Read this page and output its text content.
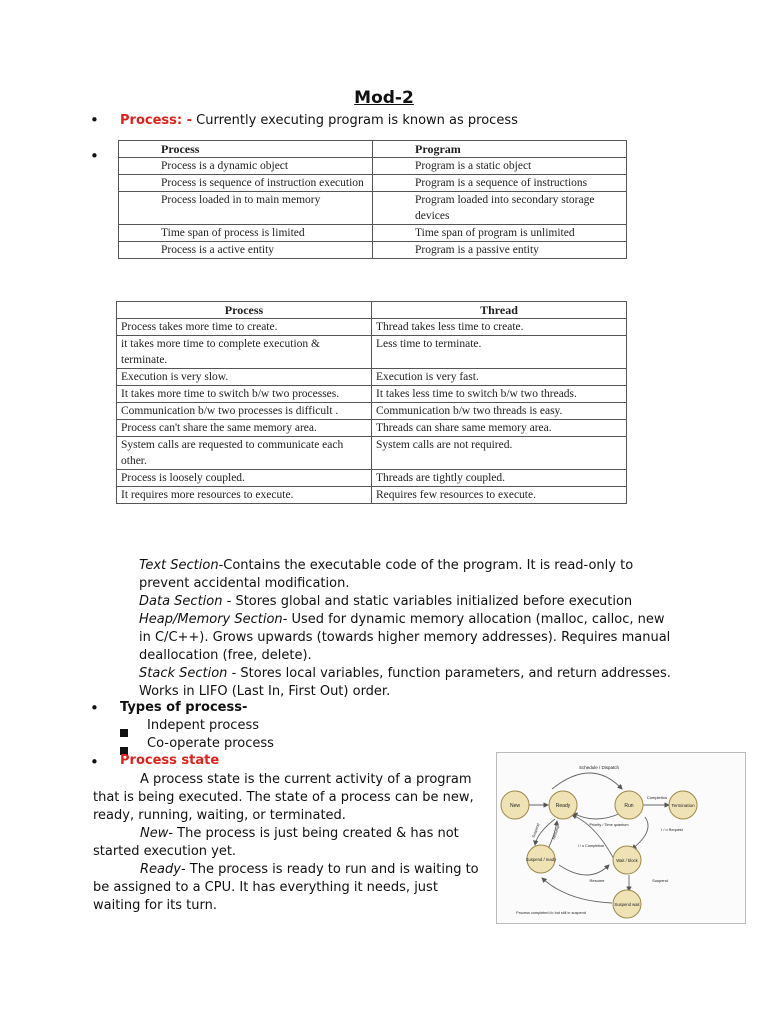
Mod-2
• Process: - Currently executing program is known as process
•	Process	Program
Process is a dynamic object	Program is a static object
Process is sequence of instruction execution	Program is a sequence of instructions
Process loaded in to main memory	Program loaded into secondary storage devices
Time span of process is limited	Time span of program is unlimited
Process is a active entity	Program is a passive entity
Process	Thread
Process takes more time to create.	Thread takes less time to create.
it takes more time to complete execution & terminate.	Less time to terminate.
Execution is very slow.	Execution is very fast.
It takes more time to switch b/w two processes.	It takes less time to switch b/w two threads.
Communication b/w two processes is difficult .	Communication b/w two threads is easy.
Process can't share the same memory area.	Threads can share same memory area.
System calls are requested to communicate each other.	System calls are not required.
Process is loosely coupled.	Threads are tightly coupled.
It requires more resources to execute.	Requires few resources to execute.
Text Section-Contains the executable code of the program. It is read-only to prevent accidental modification.
Data Section - Stores global and static variables initialized before execution
Heap/Memory Section- Used for dynamic memory allocation (malloc, calloc, new in C/C++). Grows upwards (towards higher memory addresses). Requires manual deallocation (free, delete).
Stack Section - Stores local variables, function parameters, and return addresses. Works in LIFO (Last In, First Out) order.
• Types of process-
Indepent process
Co-operate process
• Process state
A process state is the current activity of a program that is being executed. The state of a process can be new, ready, running, waiting, or terminated.
New- The process is just being created & has not started execution yet.
Ready- The process is ready to run and is waiting to be assigned to a CPU. It has everything it needs, just waiting for its turn.
New	Ready	Run	Termination
Suspend / ready	Wait / block
Suspend wait
Schedule / Dispatch
Completion
Priority / Time quantum
I / o Request
I / o Completion
Resume	Suspend
Suspend	Resume
Process completed i/o but still in suspend
